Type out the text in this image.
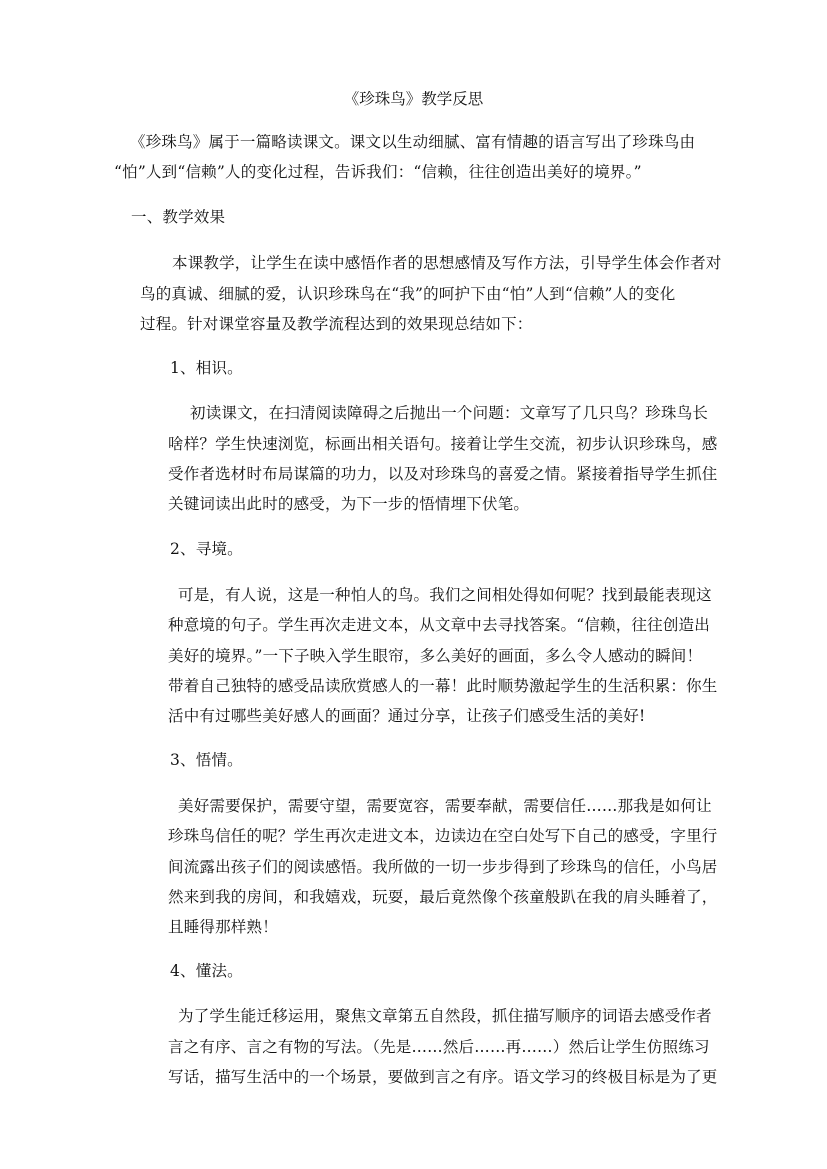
《珍珠鸟》教学反思
《珍珠鸟》属于一篇略读课文。课文以生动细腻、富有情趣的语言写出了珍珠鸟由
“怕”人到“信赖”人的变化过程，告诉我们：“信赖，往往创造出美好的境界。”
一、教学效果
本课教学，让学生在读中感悟作者的思想感情及写作方法，引导学生体会作者对
鸟的真诚、细腻的爱，认识珍珠鸟在“我”的呵护下由“怕”人到“信赖”人的变化
过程。针对课堂容量及教学流程达到的效果现总结如下：
1、相识。
初读课文，在扫清阅读障碍之后抛出一个问题：文章写了几只鸟？珍珠鸟长
啥样？学生快速浏览，标画出相关语句。接着让学生交流，初步认识珍珠鸟，感
受作者选材时布局谋篇的功力，以及对珍珠鸟的喜爱之情。紧接着指导学生抓住
关键词读出此时的感受，为下一步的悟情埋下伏笔。
2、寻境。
可是，有人说，这是一种怕人的鸟。我们之间相处得如何呢？找到最能表现这
种意境的句子。学生再次走进文本，从文章中去寻找答案。“信赖，往往创造出
美好的境界。”一下子映入学生眼帘，多么美好的画面，多么令人感动的瞬间！
带着自己独特的感受品读欣赏感人的一幕！此时顺势激起学生的生活积累：你生
活中有过哪些美好感人的画面？通过分享，让孩子们感受生活的美好!
3、悟情。
美好需要保护，需要守望，需要宽容，需要奉献，需要信任……那我是如何让
珍珠鸟信任的呢？学生再次走进文本，边读边在空白处写下自己的感受，字里行
间流露出孩子们的阅读感悟。我所做的一切一步步得到了珍珠鸟的信任，小鸟居
然来到我的房间，和我嬉戏，玩耍，最后竟然像个孩童般趴在我的肩头睡着了，
且睡得那样熟！
4、懂法。
为了学生能迁移运用，聚焦文章第五自然段，抓住描写顺序的词语去感受作者
言之有序、言之有物的写法。（先是……然后……再……）然后让学生仿照练习
写话，描写生活中的一个场景，要做到言之有序。语文学习的终极目标是为了更
